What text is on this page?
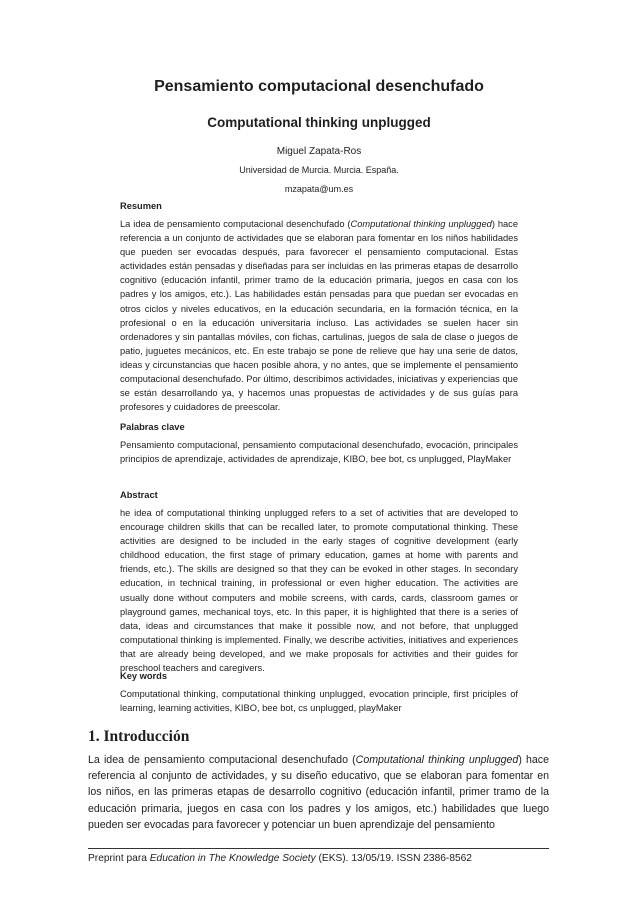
Pensamiento computacional desenchufado
Computational thinking unplugged
Miguel Zapata-Ros
Universidad de Murcia. Murcia. España.
mzapata@um.es
Resumen

La idea de pensamiento computacional desenchufado (Computational thinking unplugged) hace referencia a un conjunto de actividades que se elaboran para fomentar en los niños habilidades que pueden ser evocadas después, para favorecer el pensamiento computacional. Estas actividades están pensadas y diseñadas para ser incluidas en las primeras etapas de desarrollo cognitivo (educación infantil, primer tramo de la educación primaria, juegos en casa con los padres y los amigos, etc.). Las habilidades están pensadas para que puedan ser evocadas en otros ciclos y niveles educativos, en la educación secundaria, en la formación técnica, en la profesional o en la educación universitaria incluso. Las actividades se suelen hacer sin ordenadores y sin pantallas móviles, con fichas, cartulinas, juegos de sala de clase o juegos de patio, juguetes mecánicos, etc. En este trabajo se pone de relieve que hay una serie de datos, ideas y circunstancias que hacen posible ahora, y no antes, que se implemente el pensamiento computacional desenchufado. Por último, describimos actividades, iniciativas y experiencias que se están desarrollando ya, y hacemos unas propuestas de actividades y de sus guías para profesores y cuidadores de preescolar.

Palabras clave

Pensamiento computacional, pensamiento computacional desenchufado, evocación, principales principios de aprendizaje, actividades de aprendizaje, KIBO, bee bot, cs unplugged, PlayMaker

Abstract

he idea of computational thinking unplugged refers to a set of activities that are developed to encourage children skills that can be recalled later, to promote computational thinking. These activities are designed to be included in the early stages of cognitive development (early childhood education, the first stage of primary education, games at home with parents and friends, etc.). The skills are designed so that they can be evoked in other stages. In secondary education, in technical training, in professional or even higher education. The activities are usually done without computers and mobile screens, with cards, cards, classroom games or playground games, mechanical toys, etc. In this paper, it is highlighted that there is a series of data, ideas and circumstances that make it possible now, and not before, that unplugged computational thinking is implemented. Finally, we describe activities, initiatives and experiences that are already being developed, and we make proposals for activities and their guides for preschool teachers and caregivers.

Key words

Computational thinking, computational thinking unplugged, evocation principle, first priciples of learning, learning activities, KIBO, bee bot, cs unplugged, playMaker

1. Introducción

La idea de pensamiento computacional desenchufado (Computational thinking unplugged) hace referencia al conjunto de actividades, y su diseño educativo, que se elaboran para fomentar en los niños, en las primeras etapas de desarrollo cognitivo (educación infantil, primer tramo de la educación primaria, juegos en casa con los padres y los amigos, etc.) habilidades que luego pueden ser evocadas para favorecer y potenciar un buen aprendizaje del pensamiento

Preprint para Education in The Knowledge Society (EKS). 13/05/19. ISSN 2386-8562
